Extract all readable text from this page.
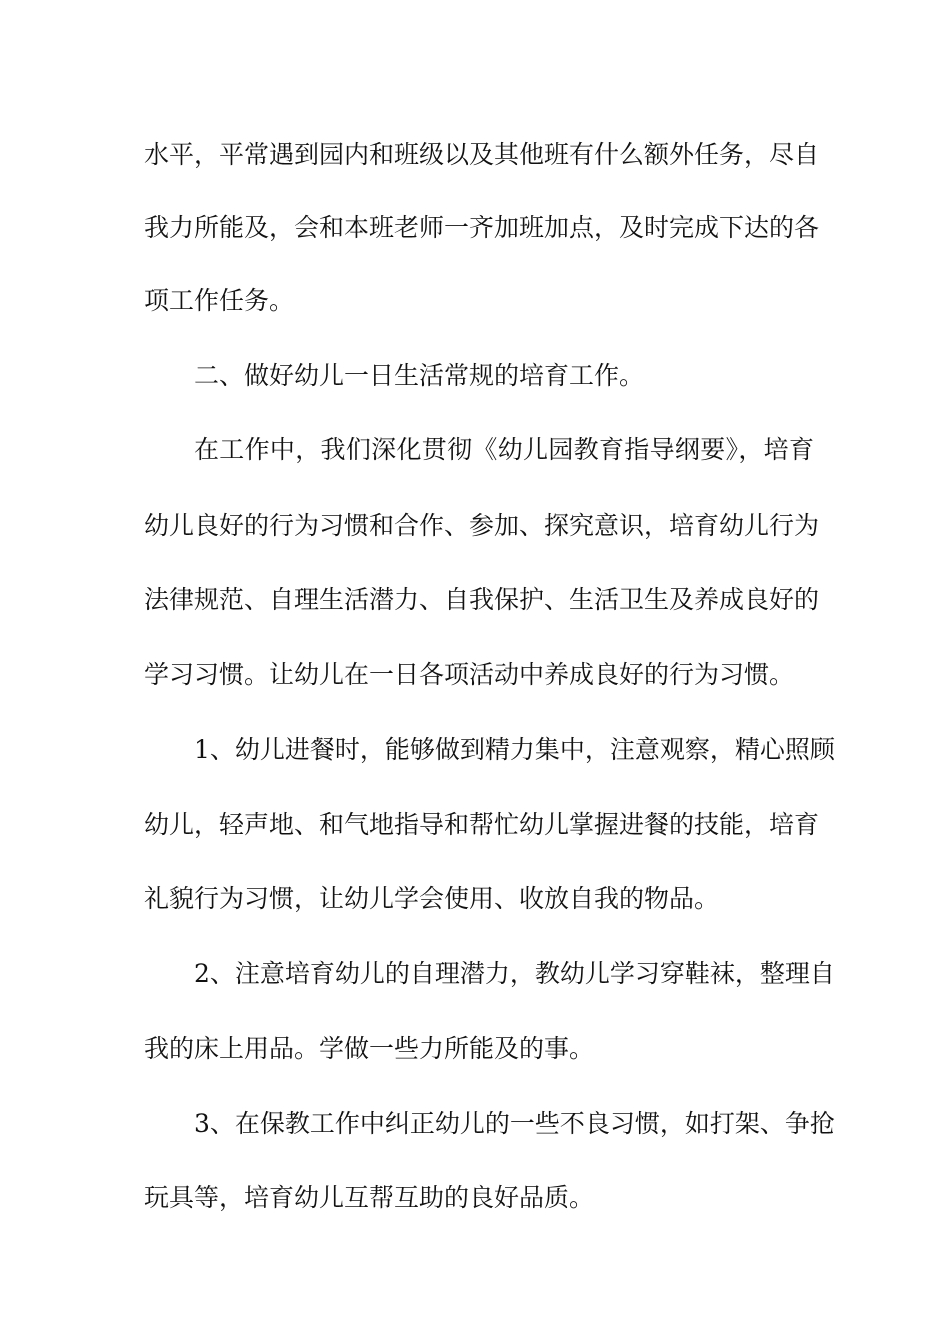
水平，平常遇到园内和班级以及其他班有什么额外任务，尽自
我力所能及，会和本班老师一齐加班加点，及时完成下达的各
项工作任务。
二、做好幼儿一日生活常规的培育工作。
在工作中，我们深化贯彻《幼儿园教育指导纲要》，培育
幼儿良好的行为习惯和合作、参加、探究意识，培育幼儿行为
法律规范、自理生活潜力、自我保护、生活卫生及养成良好的
学习习惯。让幼儿在一日各项活动中养成良好的行为习惯。
1、幼儿进餐时，能够做到精力集中，注意观察，精心照顾
幼儿，轻声地、和气地指导和帮忙幼儿掌握进餐的技能，培育
礼貌行为习惯，让幼儿学会使用、收放自我的物品。
2、注意培育幼儿的自理潜力，教幼儿学习穿鞋袜，整理自
我的床上用品。学做一些力所能及的事。
3、在保教工作中纠正幼儿的一些不良习惯，如打架、争抢
玩具等，培育幼儿互帮互助的良好品质。
